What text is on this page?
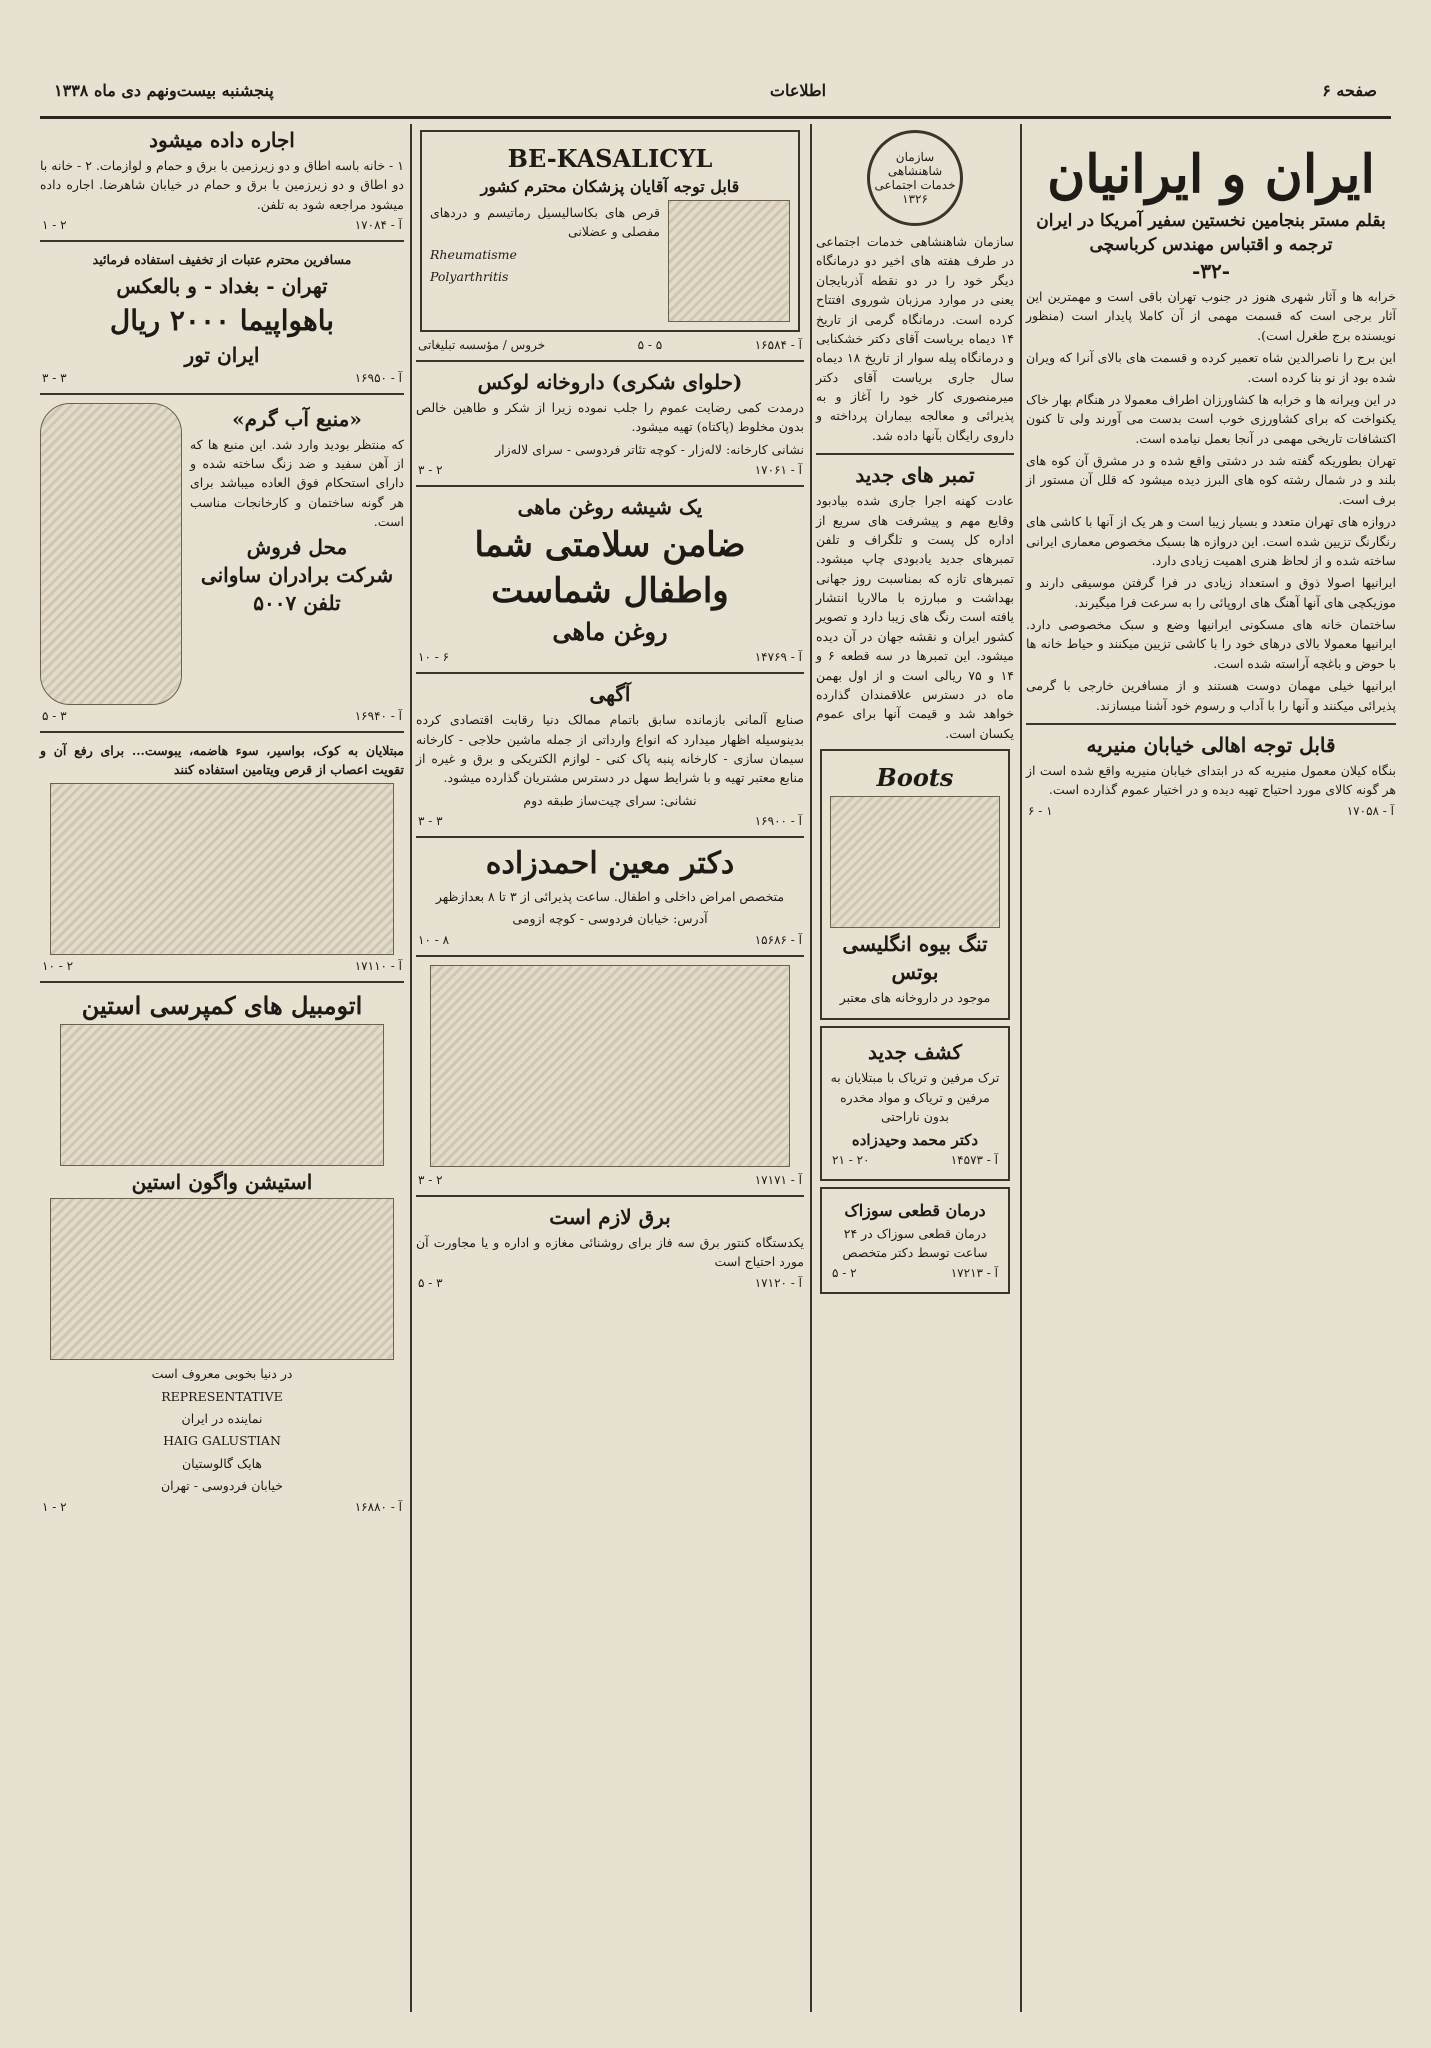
صفحه ۶
اطلاعات
پنجشنبه بیست‌ونهم دی ماه ۱۳۳۸
ایران و ایرانیان
بقلم مستر بنجامین نخستین سفیر آمریکا در ایران
ترجمه و اقتباس مهندس کرباسچی
-۳۲-

خرابه ها و آثار شهری هنوز در جنوب تهران باقی است و مهمترین این آثار برجی است که قسمت مهمی از آن کاملا پایدار است (منظور نویسنده برج طغرل است).

این برج را ناصرالدین شاه تعمیر کرده و قسمت های بالای آنرا که ویران شده بود از نو بنا کرده است.

در این ویرانه ها و خرابه ها کشاورزان اطراف معمولا در هنگام بهار خاک یکنواخت که برای کشاورزی خوب است بدست می آورند ولی تا کنون اکتشافات تاریخی مهمی در آنجا بعمل نیامده است.

تهران بطوریکه گفته شد در دشتی واقع شده و در مشرق آن کوه های بلند و در شمال رشته کوه های البرز دیده میشود که قلل آن مستور از برف است.

دروازه های تهران متعدد و بسیار زیبا است و هر یک از آنها با کاشی های رنگارنگ تزیین شده است. این دروازه ها بسبک مخصوص معماری ایرانی ساخته شده و از لحاظ هنری اهمیت زیادی دارد.

ایرانیها اصولا ذوق و استعداد زیادی در فرا گرفتن موسیقی دارند و موزیکچی های آنها آهنگ های اروپائی را به سرعت فرا میگیرند.

ساختمان خانه های مسکونی ایرانیها وضع و سبک مخصوصی دارد. ایرانیها معمولا بالای درهای خود را با کاشی تزیین میکنند و حیاط خانه ها با حوض و باغچه آراسته شده است.

ایرانیها خیلی مهمان دوست هستند و از مسافرین خارجی با گرمی پذیرائی میکنند و آنها را با آداب و رسوم خود آشنا میسازند.

قابل توجه اهالی خیابان منیریه

بنگاه کیلان معمول منیریه که در ابتدای خیابان منیریه واقع شده است از هر گونه کالای مورد احتیاج تهیه دیده و در اختیار عموم گذارده است.

آ - ۱۷۰۵۸
۱ - ۶
سازمان شاهنشاهی خدمات اجتماعی ۱۳۲۶

سازمان شاهنشاهی خدمات اجتماعی در طرف هفته های اخیر دو درمانگاه دیگر خود را در دو نقطه آذربایجان یعنی در موارد مرزبان شوروی افتتاح کرده است. درمانگاه گرمی از تاریخ ۱۴ دیماه بریاست آقای دکتر خشکنابی و درمانگاه پیله سوار از تاریخ ۱۸ دیماه سال جاری بریاست آقای دکتر میرمنصوری کار خود را آغاز و به پذیرائی و معالجه بیماران پرداخته و داروی رایگان بآنها داده شد.

تمبر های جدید

عادت کهنه اجرا جاری شده بیادبود وقایع مهم و پیشرفت های سریع از اداره کل پست و تلگراف و تلفن تمبرهای جدید یادبودی چاپ میشود. تمبرهای تازه که بمناسبت روز جهانی بهداشت و مبارزه با مالاریا انتشار یافته است رنگ های زیبا دارد و تصویر کشور ایران و نقشه جهان در آن دیده میشود. این تمبرها در سه قطعه ۶ و ۱۴ و ۷۵ ریالی است و از اول بهمن ماه در دسترس علاقمندان گذارده خواهد شد و قیمت آنها برای عموم یکسان است.

Boots
تنگ بیوه انگلیسی
بوتس
موجود در داروخانه های معتبر
کشف جدید
ترک مرفین و تریاک با مبتلایان به مرفین و تریاک و مواد مخدره بدون ناراحتی
دکتر محمد وحیدزاده
آ - ۱۴۵۷۳
۲۰ - ۲۱
درمان قطعی سوزاک
درمان قطعی سوزاک در ۲۴ ساعت توسط دکتر متخصص
آ - ۱۷۲۱۳
۲ - ۵
BE-KASALICYL
قابل توجه آقایان پزشکان محترم کشور
قرص های بکاسالیسیل رماتیسم و دردهای مفصلی و عضلانی
Rheumatisme
Polyarthritis
آ - ۱۶۵۸۴
۵ - ۵
خروس / مؤسسه تبلیغاتی
(حلوای شکری) داروخانه لوکس

درمدت کمی رضایت عموم را جلب نموده زیرا از شکر و طاهین خالص بدون مخلوط (پاکتاه) تهیه میشود.

نشانی کارخانه: لاله‌زار - کوچه تئاتر فردوسی - سرای لاله‌زار

آ - ۱۷۰۶۱
۲ - ۳
یک شیشه روغن ماهی
ضامن سلامتی شما
واطفال شماست
روغن ماهی
آ - ۱۴۷۶۹
۶ - ۱۰
آگهی

صنایع آلمانی بازمانده سابق باتمام ممالک دنیا رقابت اقتصادی کرده بدینوسیله اظهار میدارد که انواع وارداتی از جمله ماشین حلاجی - کارخانه سیمان سازی - کارخانه پنبه پاک کنی - لوازم الکتریکی و برق و غیره از منابع معتبر تهیه و با شرایط سهل در دسترس مشتریان گذارده میشود.

نشانی: سرای چیت‌ساز طبقه دوم

آ - ۱۶۹۰۰
۳ - ۳
دکتر معین احمدزاده

متخصص امراض داخلی و اطفال. ساعت پذیرائی از ۳ تا ۸ بعدازظهر

آدرس: خیابان فردوسی - کوچه ازومی

آ - ۱۵۶۸۶
۸ - ۱۰
آ - ۱۷۱۷۱
۲ - ۳
برق لازم است

یکدستگاه کنتور برق سه فاز برای روشنائی مغازه و اداره و یا مجاورت آن مورد احتیاج است

آ - ۱۷۱۲۰
۳ - ۵
اجاره داده میشود

۱ - خانه باسه اطاق و دو زیرزمین با برق و حمام و لوازمات. ۲ - خانه با دو اطاق و دو زیرزمین با برق و حمام در خیابان شاهرضا. اجاره داده میشود مراجعه شود به تلفن.

آ - ۱۷۰۸۴
۲ - ۱
مسافرین محترم عتبات از تخفیف استفاده فرمائید
تهران - بغداد - و بالعکس
باهواپیما ۲۰۰۰ ریال
ایران تور
آ - ۱۶۹۵۰
۳ - ۳
«منبع آب گرم»

که منتظر بودید وارد شد. این منبع ها که از آهن سفید و ضد زنگ ساخته شده و دارای استحکام فوق العاده میباشد برای هر گونه ساختمان و کارخانجات مناسب است.

محل فروش
شرکت برادران ساوانی
تلفن ۵۰۰۷
آ - ۱۶۹۴۰
۳ - ۵

مبتلایان به کوک، بواسیر، سوء هاضمه، یبوست... برای رفع آن و تقویت اعصاب از قرص ویتامین استفاده کنند

آ - ۱۷۱۱۰
۲ - ۱۰
اتومبیل های کمپرسی استین
استیشن واگون استین
در دنیا بخوبی معروف است
REPRESENTATIVE
نماینده در ایران
HAIG GALUSTIAN
هایک گالوستیان
خیابان فردوسی - تهران
آ - ۱۶۸۸۰
۲ - ۱
